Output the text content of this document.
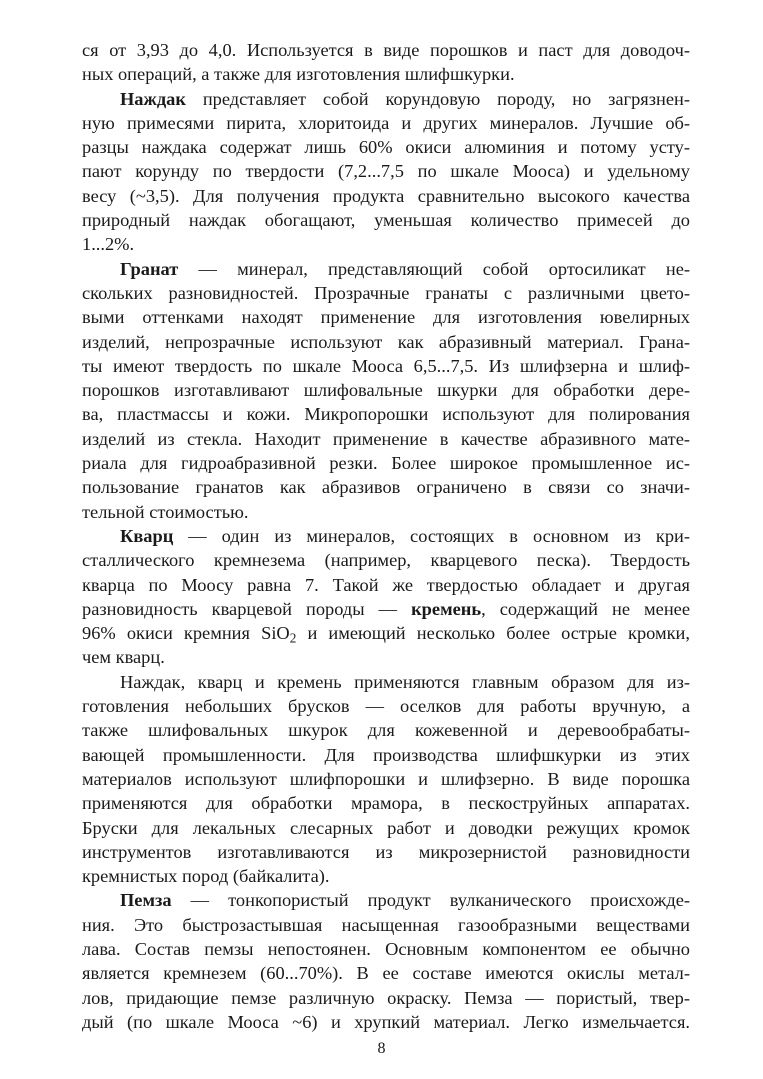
ся от 3,93 до 4,0. Используется в виде порошков и паст для доводоч-
ных операций, а также для изготовления шлифшкурки.

Наждак представляет собой корундовую породу, но загрязнен-
ную примесями пирита, хлоритоида и других минералов. Лучшие об-
разцы наждака содержат лишь 60% окиси алюминия и потому усту-
пают корунду по твердости (7,2...7,5 по шкале Мооса) и удельному
весу (~3,5). Для получения продукта сравнительно высокого качества
природный наждак обогащают, уменьшая количество примесей до
1...2%.

Гранат — минерал, представляющий собой ортосиликат не-
скольких разновидностей. Прозрачные гранаты с различными цвето-
выми оттенками находят применение для изготовления ювелирных
изделий, непрозрачные используют как абразивный материал. Грана-
ты имеют твердость по шкале Мооса 6,5...7,5. Из шлифзерна и шлиф-
порошков изготавливают шлифовальные шкурки для обработки дере-
ва, пластмассы и кожи. Микропорошки используют для полирования
изделий из стекла. Находит применение в качестве абразивного мате-
риала для гидроабразивной резки. Более широкое промышленное ис-
пользование гранатов как абразивов ограничено в связи со значи-
тельной стоимостью.

Кварц — один из минералов, состоящих в основном из кри-
сталлического кремнезема (например, кварцевого песка). Твердость
кварца по Моосу равна 7. Такой же твердостью обладает и другая
разновидность кварцевой породы — кремень, содержащий не менее
96% окиси кремния SiO$_2$ и имеющий несколько более острые кромки,
чем кварц.

Наждак, кварц и кремень применяются главным образом для из-
готовления небольших брусков — оселков для работы вручную, а
также шлифовальных шкурок для кожевенной и деревообрабаты-
вающей промышленности. Для производства шлифшкурки из этих
материалов используют шлифпорошки и шлифзерно. В виде порошка
применяются для обработки мрамора, в пескоструйных аппаратах.
Бруски для лекальных слесарных работ и доводки режущих кромок
инструментов изготавливаются из микрозернистой разновидности
кремнистых пород (байкалита).

Пемза — тонкопористый продукт вулканического происхожде-
ния. Это быстрозастывшая насыщенная газообразными веществами
лава. Состав пемзы непостоянен. Основным компонентом ее обычно
является кремнезем (60...70%). В ее составе имеются окислы метал-
лов, придающие пемзе различную окраску. Пемза — пористый, твер-
дый (по шкале Мооса ~6) и хрупкий материал. Легко измельчается.

8
